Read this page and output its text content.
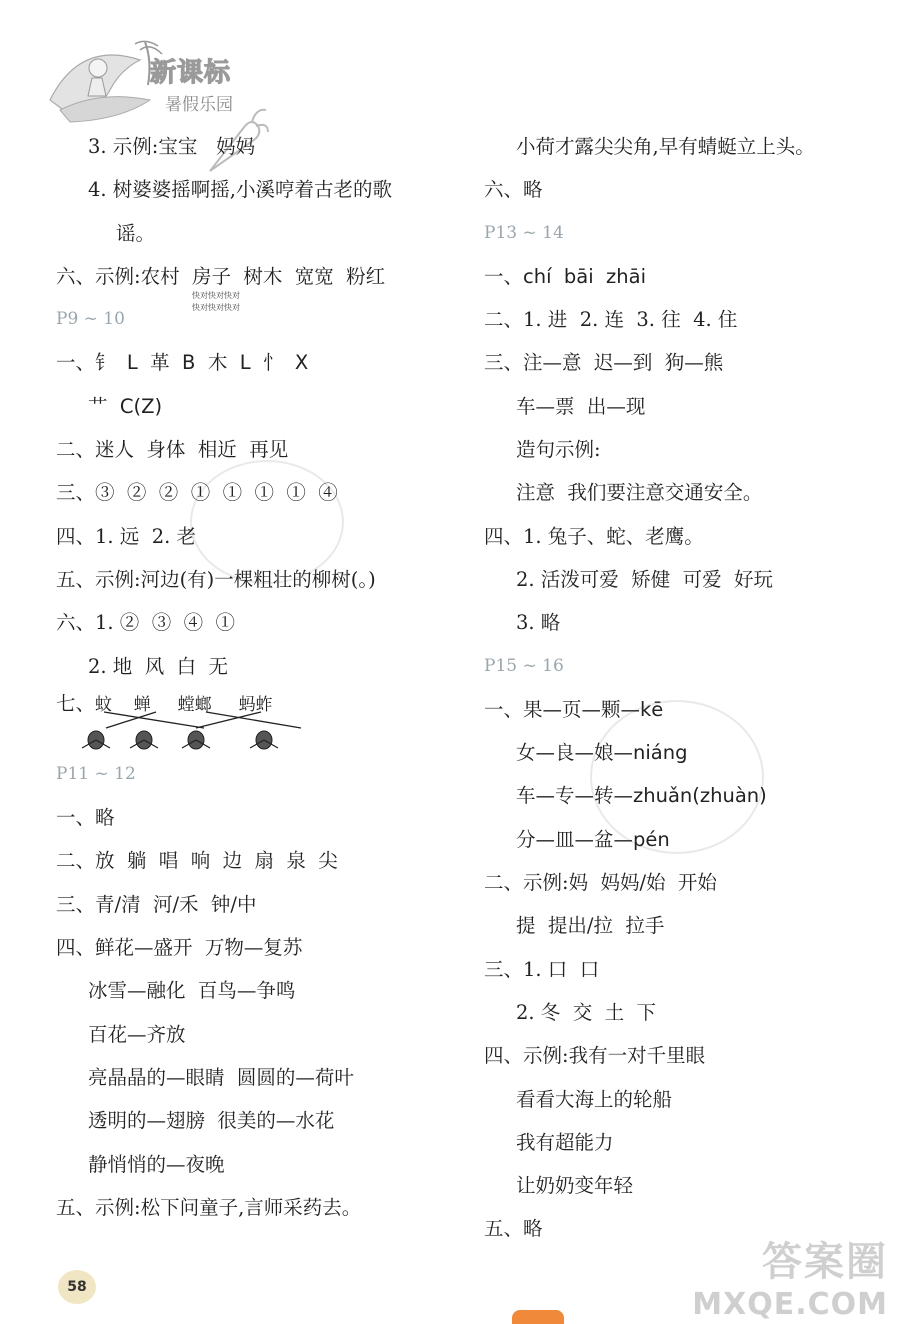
新课标
暑假乐园
快对快对快对
快对快对快对
3. 示例:宝宝   妈妈
4. 树婆婆摇啊摇,小溪哼着古老的歌
谣。
六、示例:农村  房子  树木  宽宽  粉红
P9 ~ 10
一、钅  L  革  B  木  L  忄  X
艹  C(Z)
二、迷人  身体  相近  再见
三、③  ②  ②  ①  ①  ①  ①  ④
四、1. 远  2. 老
五、示例:河边(有)一棵粗壮的柳树(。)
六、1. ②  ③  ④  ①
2. 地  风  白  无
七、蚊    蝉     螳螂     蚂蚱
P11 ~ 12
一、略
二、放  躺  唱  响  边  扇  泉  尖
三、青/清  河/禾  钟/中
四、鲜花—盛开  万物—复苏
冰雪—融化  百鸟—争鸣
百花—齐放
亮晶晶的—眼睛  圆圆的—荷叶
透明的—翅膀  很美的—水花
静悄悄的—夜晚
五、示例:松下问童子,言师采药去。
小荷才露尖尖角,早有蜻蜓立上头。
六、略
P13 ~ 14
一、chí  bāi  zhāi
二、1. 进  2. 连  3. 往  4. 住
三、注—意  迟—到  狗—熊
车—票  出—现
造句示例:
注意  我们要注意交通安全。
四、1. 兔子、蛇、老鹰。
2. 活泼可爱  矫健  可爱  好玩
3. 略
P15 ~ 16
一、果—页—颗—kē
女—良—娘—niáng
车—专—转—zhuǎn(zhuàn)
分—皿—盆—pén
二、示例:妈  妈妈/始  开始
提  提出/拉  拉手
三、1. 口  口
2. 冬  交  土  下
四、示例:我有一对千里眼
看看大海上的轮船
我有超能力
让奶奶变年轻
五、略
58
答案圈
MXQE.COM
